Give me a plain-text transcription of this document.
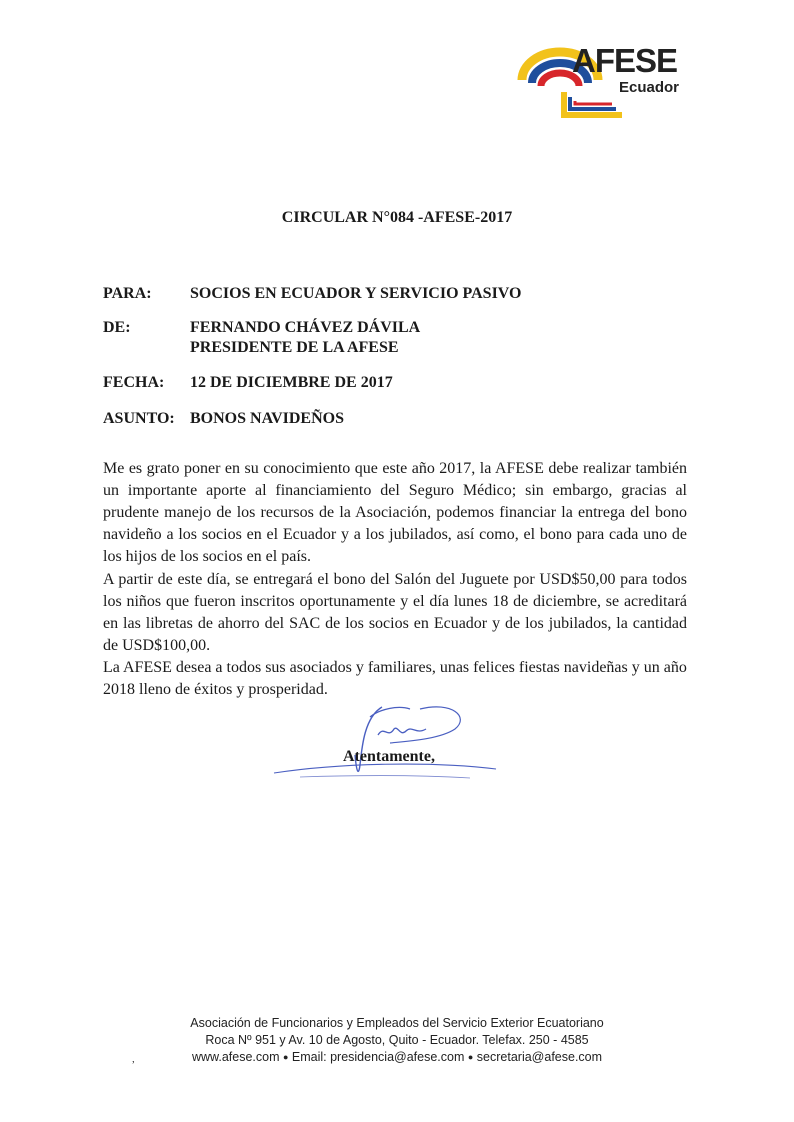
AFESE
Ecuador
CIRCULAR N°084 -AFESE-2017
PARA: SOCIOS EN ECUADOR Y SERVICIO PASIVO
DE:	FERNANDO CHÁVEZ DÁVILA
PRESIDENTE DE LA AFESE
FECHA: 12 DE DICIEMBRE DE 2017
ASUNTO: BONOS NAVIDEÑOS
Me es grato poner en su conocimiento que este año 2017, la AFESE debe realizar también un importante aporte al financiamiento del Seguro Médico; sin embargo, gracias al prudente manejo de los recursos de la Asociación, podemos financiar la entrega del bono navideño a los socios en el Ecuador y a los jubilados, así como, el bono para cada uno de los hijos de los socios en el país.
A partir de este día, se entregará el bono del Salón del Juguete por USD$50,00 para todos los niños que fueron inscritos oportunamente y el día lunes 18 de diciembre, se acreditará en las libretas de ahorro del SAC de los socios en Ecuador y de los jubilados, la cantidad de USD$100,00.
La AFESE desea a todos sus asociados y familiares, unas felices fiestas navideñas y un año 2018 lleno de éxitos y prosperidad.
Atentamente,
Asociación de Funcionarios y Empleados del Servicio Exterior Ecuatoriano
Roca Nº 951 y Av. 10 de Agosto, Quito - Ecuador. Telefax. 250 - 4585
www.afese.com ● Email: presidencia@afese.com ● secretaria@afese.com
,
